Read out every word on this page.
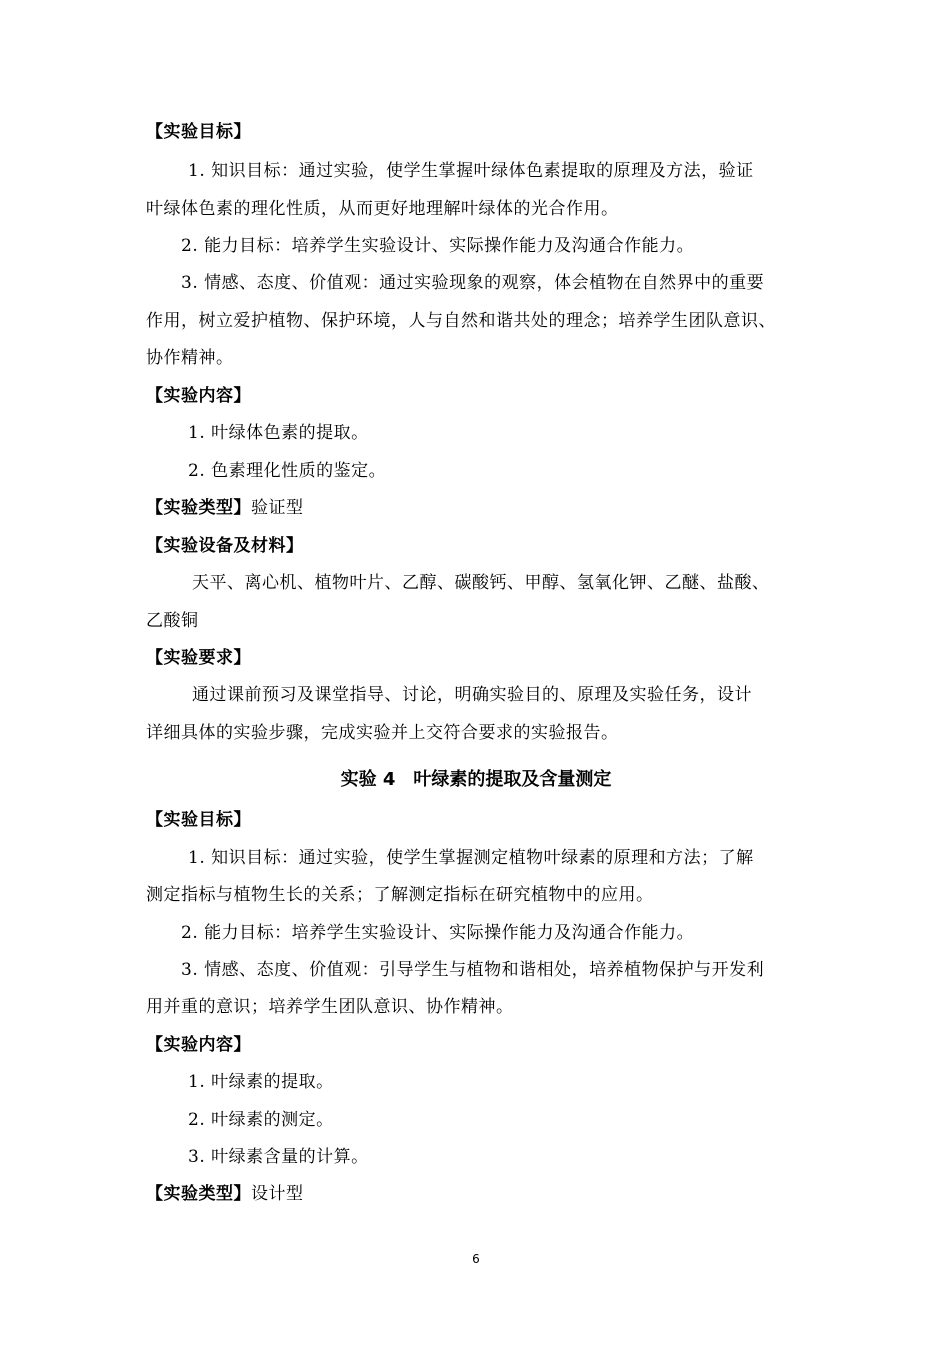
【实验目标】
1. 知识目标：通过实验，使学生掌握叶绿体色素提取的原理及方法，验证
叶绿体色素的理化性质，从而更好地理解叶绿体的光合作用。
2. 能力目标：培养学生实验设计、实际操作能力及沟通合作能力。
3. 情感、态度、价值观：通过实验现象的观察，体会植物在自然界中的重要
作用，树立爱护植物、保护环境，人与自然和谐共处的理念；培养学生团队意识、
协作精神。
【实验内容】
1. 叶绿体色素的提取。
2. 色素理化性质的鉴定。
【实验类型】验证型
【实验设备及材料】
天平、离心机、植物叶片、乙醇、碳酸钙、甲醇、氢氧化钾、乙醚、盐酸、
乙酸铜
【实验要求】
通过课前预习及课堂指导、讨论，明确实验目的、原理及实验任务，设计
详细具体的实验步骤，完成实验并上交符合要求的实验报告。
实验 4　叶绿素的提取及含量测定
【实验目标】
1. 知识目标：通过实验，使学生掌握测定植物叶绿素的原理和方法；了解
测定指标与植物生长的关系；了解测定指标在研究植物中的应用。
2. 能力目标：培养学生实验设计、实际操作能力及沟通合作能力。
3. 情感、态度、价值观：引导学生与植物和谐相处，培养植物保护与开发利
用并重的意识；培养学生团队意识、协作精神。
【实验内容】
1. 叶绿素的提取。
2. 叶绿素的测定。
3. 叶绿素含量的计算。
【实验类型】设计型
6
